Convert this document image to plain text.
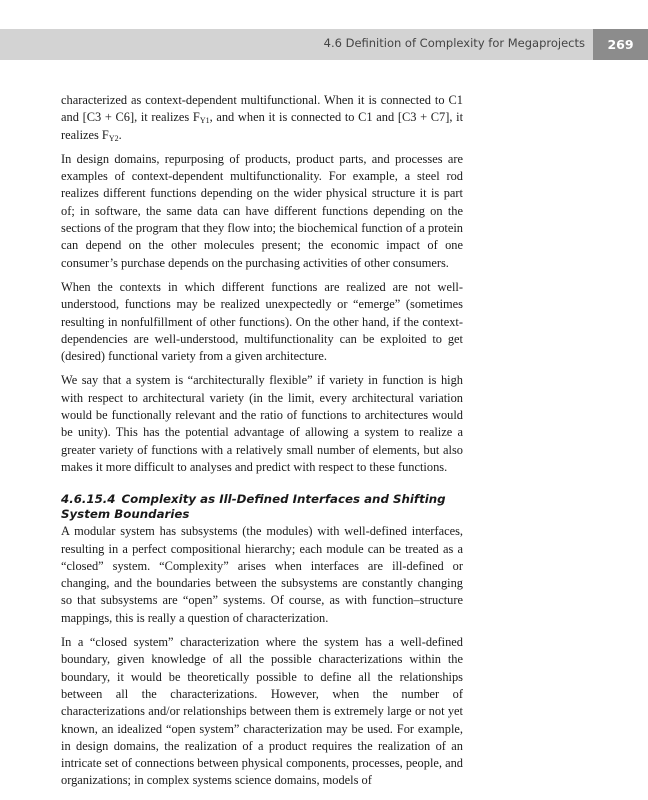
4.6 Definition of Complexity for Megaprojects	269

characterized as context-dependent multifunctional. When it is connected to C1 and [C3 + C6], it realizes $F_{Y1}$, and when it is connected to C1 and [C3 + C7], it realizes $F_{Y2}$.

In design domains, repurposing of products, product parts, and processes are examples of context-dependent multifunctionality. For example, a steel rod realizes different functions depending on the wider physical structure it is part of; in software, the same data can have different functions depending on the sections of the program that they flow into; the biochemical function of a protein can depend on the other molecules present; the economic impact of one consumer’s purchase depends on the purchasing activities of other consumers.

When the contexts in which different functions are realized are not well-understood, functions may be realized unexpectedly or “emerge” (sometimes resulting in nonfulfillment of other functions). On the other hand, if the context-dependencies are well-understood, multifunctionality can be exploited to get (desired) functional variety from a given architecture.

We say that a system is “architecturally flexible” if variety in function is high with respect to architectural variety (in the limit, every architectural variation would be functionally relevant and the ratio of functions to architectures would be unity). This has the potential advantage of allowing a system to realize a greater variety of functions with a relatively small number of elements, but also makes it more difficult to analyses and predict with respect to these functions.

4.6.15.4 Complexity as Ill-Defined Interfaces and Shifting System Boundaries

A modular system has subsystems (the modules) with well-defined interfaces, resulting in a perfect compositional hierarchy; each module can be treated as a “closed” system. “Complexity” arises when interfaces are ill-defined or changing, and the boundaries between the subsystems are constantly changing so that subsystems are “open” systems. Of course, as with function–structure mappings, this is really a question of characterization.

In a “closed system” characterization where the system has a well-defined boundary, given knowledge of all the possible characterizations within the boundary, it would be theoretically possible to define all the relationships between all the characterizations. However, when the number of characterizations and/or relationships between them is extremely large or not yet known, an idealized “open system” characterization may be used. For example, in design domains, the realization of a product requires the realization of an intricate set of connections between physical components, processes, people, and organizations; in complex systems science domains, models of
